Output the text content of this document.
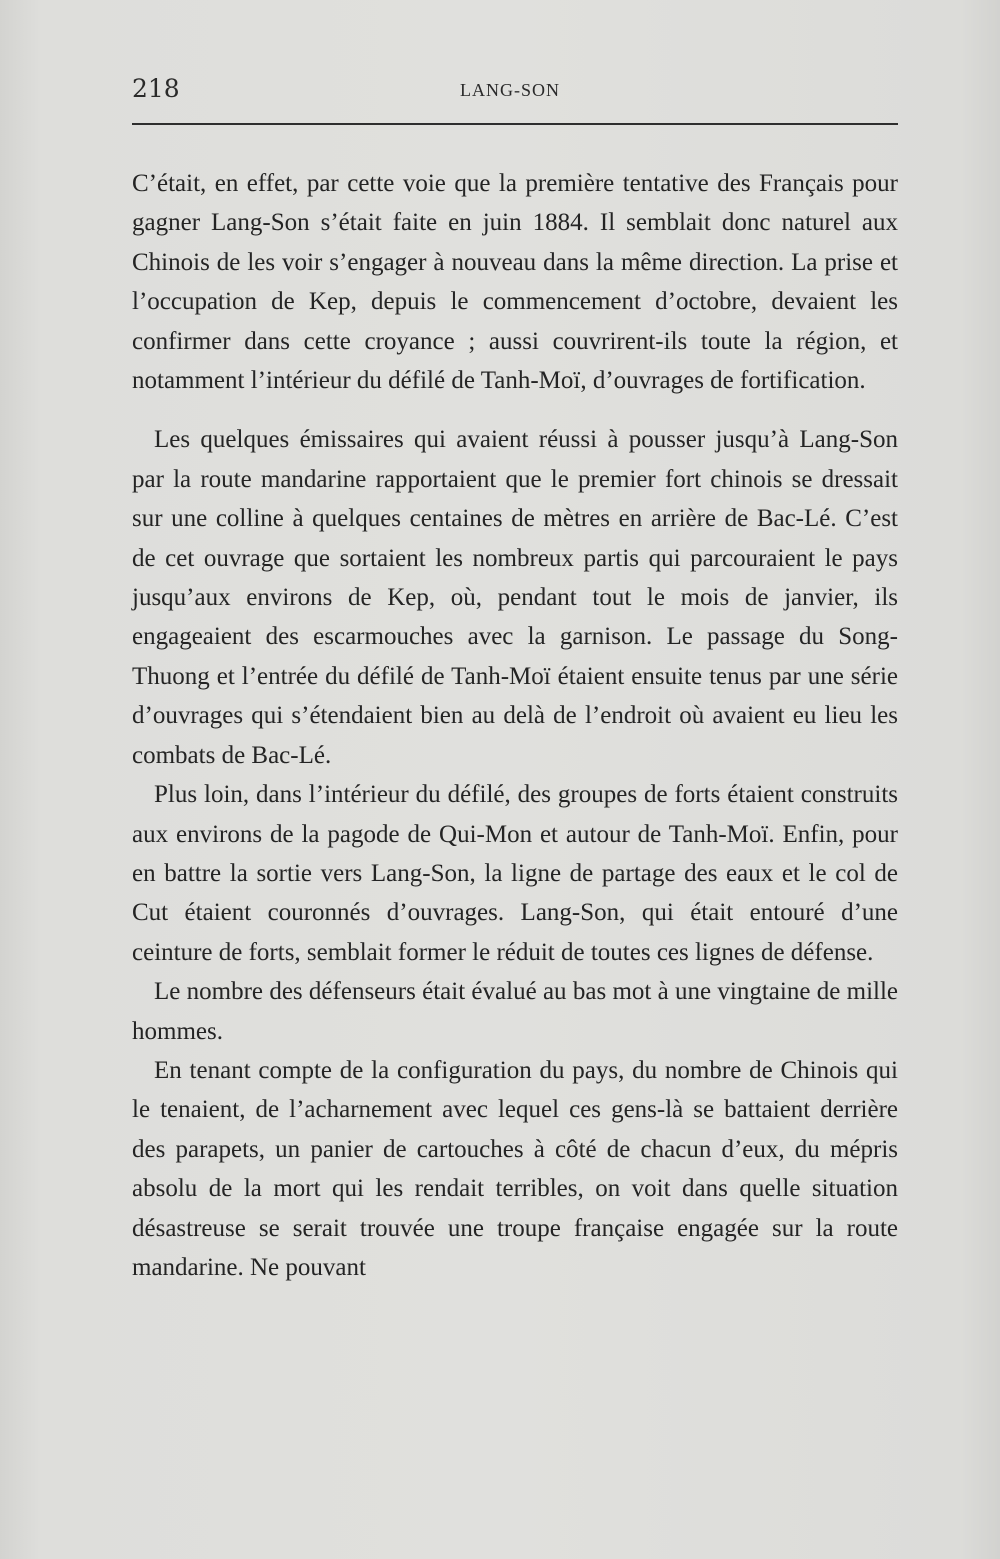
218	LANG-SON

C’était, en effet, par cette voie que la première tentative des Français pour gagner Lang-Son s’était faite en juin 1884. Il semblait donc naturel aux Chinois de les voir s’engager à nouveau dans la même direction. La prise et l’occupation de Kep, depuis le commencement d’octobre, devaient les confirmer dans cette croyance ; aussi couvrirent-ils toute la région, et notamment l’intérieur du défilé de Tanh-Moï, d’ouvrages de fortification.

Les quelques émissaires qui avaient réussi à pousser jusqu’à Lang-Son par la route mandarine rapportaient que le premier fort chinois se dressait sur une colline à quelques centaines de mètres en arrière de Bac-Lé. C’est de cet ouvrage que sortaient les nombreux partis qui parcouraient le pays jusqu’aux environs de Kep, où, pendant tout le mois de janvier, ils engageaient des escarmouches avec la garnison. Le passage du Song-Thuong et l’entrée du défilé de Tanh-Moï étaient ensuite tenus par une série d’ouvrages qui s’étendaient bien au delà de l’endroit où avaient eu lieu les combats de Bac-Lé.

Plus loin, dans l’intérieur du défilé, des groupes de forts étaient construits aux environs de la pagode de Qui-Mon et autour de Tanh-Moï. Enfin, pour en battre la sortie vers Lang-Son, la ligne de partage des eaux et le col de Cut étaient couronnés d’ouvrages. Lang-Son, qui était entouré d’une ceinture de forts, semblait former le réduit de toutes ces lignes de défense.

Le nombre des défenseurs était évalué au bas mot à une vingtaine de mille hommes.

En tenant compte de la configuration du pays, du nombre de Chinois qui le tenaient, de l’acharnement avec lequel ces gens-là se battaient derrière des parapets, un panier de cartouches à côté de chacun d’eux, du mépris absolu de la mort qui les rendait terribles, on voit dans quelle situation désastreuse se serait trouvée une troupe française engagée sur la route mandarine. Ne pouvant
